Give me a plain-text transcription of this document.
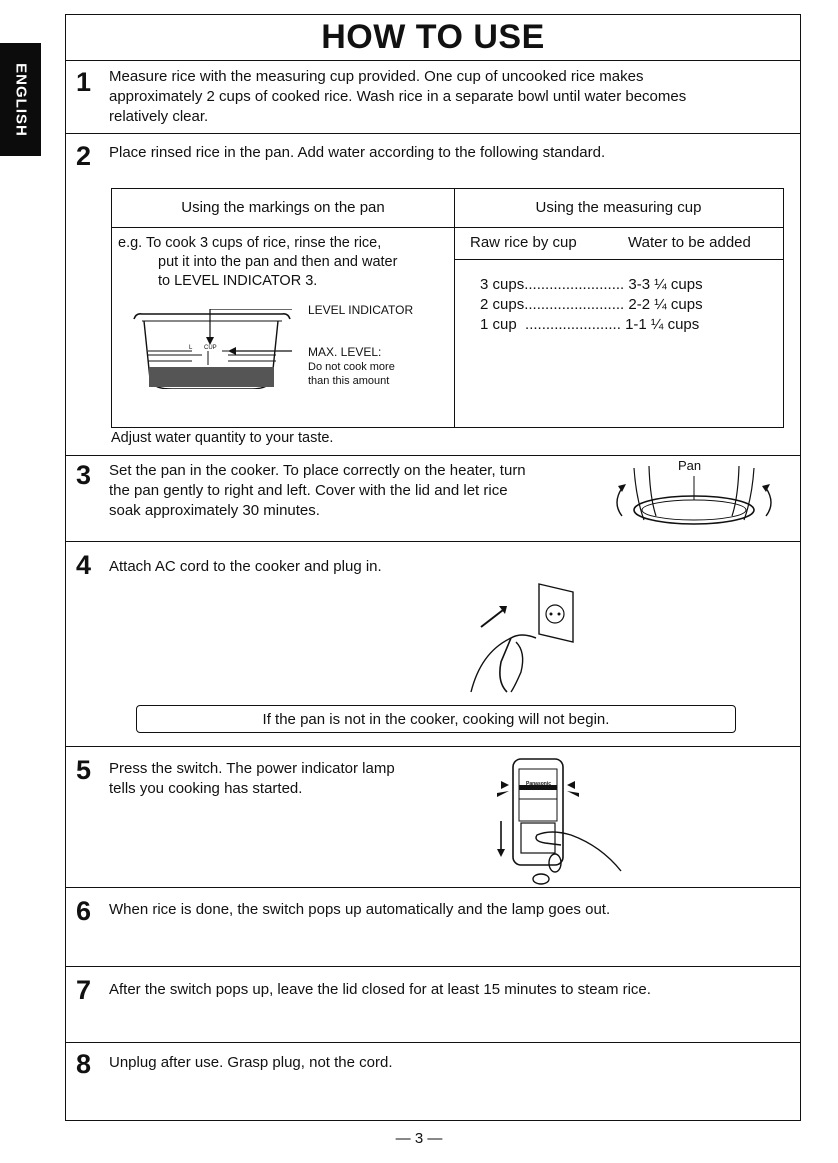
ENGLISH
HOW TO USE
1 Measure rice with the measuring cup provided. One cup of uncooked rice makes
approximately 2 cups of cooked rice. Wash rice in a separate bowl until water becomes
relatively clear.
2 Place rinsed rice in the pan. Add water according to the following standard.
Using the markings on the pan	Using the measuring cup
e.g. To cook 3 cups of rice, rinse the rice,
put it into the pan and then and water
to LEVEL INDICATOR 3.
LEVEL INDICATOR
MAX. LEVEL:
Do not cook more
than this amount
L CUP
Raw rice by cup	Water to be added
3 cups........................ 3-3 ¼ cups
2 cups........................ 2-2 ¼ cups
1 cup  ....................... 1-1 ¼ cups
Adjust water quantity to your taste.
3 Set the pan in the cooker. To place correctly on the heater, turn
the pan gently to right and left. Cover with the lid and let rice
soak approximately 30 minutes.
Pan
4 Attach AC cord to the cooker and plug in.
If the pan is not in the cooker, cooking will not begin.
5 Press the switch. The power indicator lamp
tells you cooking has started.	Panasonic
6 When rice is done, the switch pops up automatically and the lamp goes out.
7 After the switch pops up, leave the lid closed for at least 15 minutes to steam rice.
8 Unplug after use. Grasp plug, not the cord.
— 3 —
